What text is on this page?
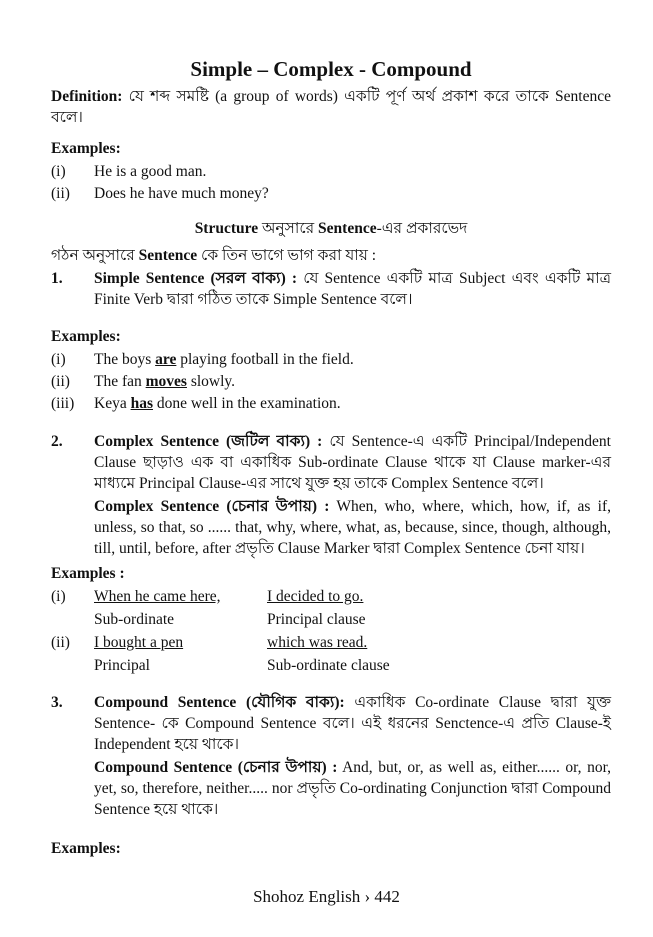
Simple – Complex - Compound

Definition: যে শব্দ সমষ্টি (a group of words) একটি পূর্ণ অর্থ প্রকাশ করে তাকে Sentence বলে।

Examples:
(i)	He is a good man.
(ii)	Does he have much money?
Structure অনুসারে Sentence-এর প্রকারভেদ
গঠন অনুসারে Sentence কে তিন ভাগে ভাগ করা যায় :
1.	Simple Sentence (সরল বাক্য) : যে Sentence একটি মাত্র Subject এবং একটি মাত্র Finite Verb দ্বারা গঠিত তাকে Simple Sentence বলে।

Examples:
(i)	The boys are playing football in the field.
(ii)	The fan moves slowly.
(iii)	Keya has done well in the examination.
2.	Complex Sentence (জটিল বাক্য) : যে Sentence-এ একটি Principal/Independent Clause ছাড়াও এক বা একাধিক Sub-ordinate Clause থাকে যা Clause marker-এর মাধ্যমে Principal Clause-এর সাথে যুক্ত হয় তাকে Complex Sentence বলে।

Complex Sentence (চেনার উপায়) : When, who, where, which, how, if, as if, unless, so that, so ...... that, why, where, what, as, because, since, though, although, till, until, before, after প্রভৃতি Clause Marker দ্বারা Complex Sentence চেনা যায়।

Examples :
(i)	When he came here,	I decided to go.
Sub-ordinate	Principal clause
(ii)	I bought a pen	which was read.
Principal	Sub-ordinate clause
3.	Compound Sentence (যৌগিক বাক্য): একাধিক Co-ordinate Clause দ্বারা যুক্ত Sentence- কে Compound Sentence বলে। এই ধরনের Senctence-এ প্রতি Clause-ই Independent হয়ে থাকে।

Compound Sentence (চেনার উপায়) : And, but, or, as well as, either...... or, nor, yet, so, therefore, neither..... nor প্রভৃতি Co-ordinating Conjunction দ্বারা Compound Sentence হয়ে থাকে।

Examples:
Shohoz English › 442
